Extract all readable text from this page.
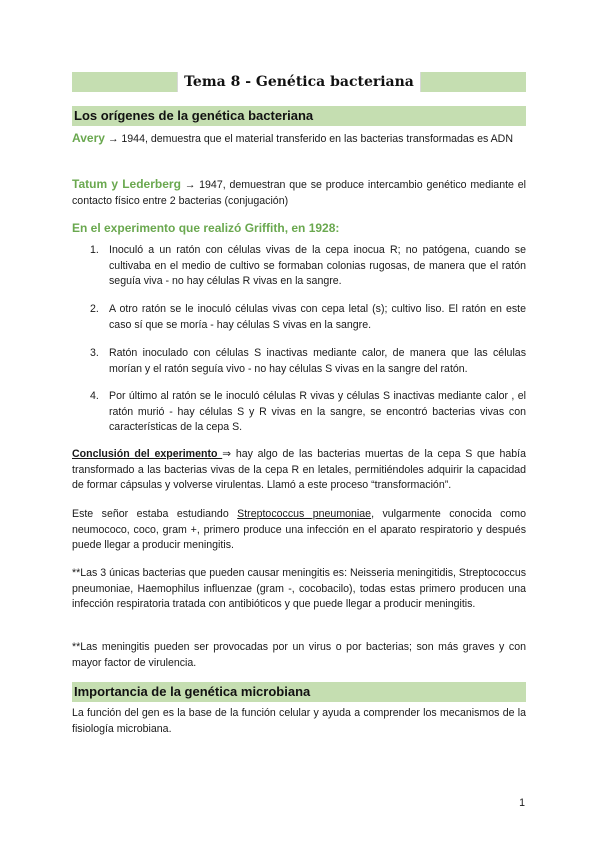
Tema 8 - Genética bacteriana
Los orígenes de la genética bacteriana
Avery → 1944, demuestra que el material transferido en las bacterias transformadas es ADN
Tatum y Lederberg → 1947, demuestran que se produce intercambio genético mediante el contacto físico entre 2 bacterias (conjugación)
En el experimento que realizó Griffith, en 1928:
1. Inoculó a un ratón con células vivas de la cepa inocua R; no patógena, cuando se cultivaba en el medio de cultivo se formaban colonias rugosas, de manera que el ratón seguía viva - no hay células R vivas en la sangre.
2. A otro ratón se le inoculó células vivas con cepa letal (s); cultivo liso. El ratón en este caso sí que se moría - hay células S vivas en la sangre.
3. Ratón inoculado con células S inactivas mediante calor, de manera que las células morían y el ratón seguía vivo - no hay células S vivas en la sangre del ratón.
4. Por último al ratón se le inoculó células R vivas y células S inactivas mediante calor , el ratón murió - hay células S y R vivas en la sangre, se encontró bacterias vivas con características de la cepa S.
Conclusión del experimento ⇒ hay algo de las bacterias muertas de la cepa S que había transformado a las bacterias vivas de la cepa R en letales, permitiéndoles adquirir la capacidad de formar cápsulas y volverse virulentas. Llamó a este proceso “transformación”.
Este señor estaba estudiando Streptococcus pneumoniae, vulgarmente conocida como neumococo, coco, gram +, primero produce una infección en el aparato respiratorio y después puede llegar a producir meningitis.
**Las 3 únicas bacterias que pueden causar meningitis es: Neisseria meningitidis, Streptococcus pneumoniae, Haemophilus influenzae (gram -, cocobacilo), todas estas primero producen una infección respiratoria tratada con antibióticos y que puede llegar a producir meningitis.
**Las meningitis pueden ser provocadas por un virus o por bacterias; son más graves y con mayor factor de virulencia.
Importancia de la genética microbiana
La función del gen es la base de la función celular y ayuda a comprender los mecanismos de la fisiología microbiana.
1
